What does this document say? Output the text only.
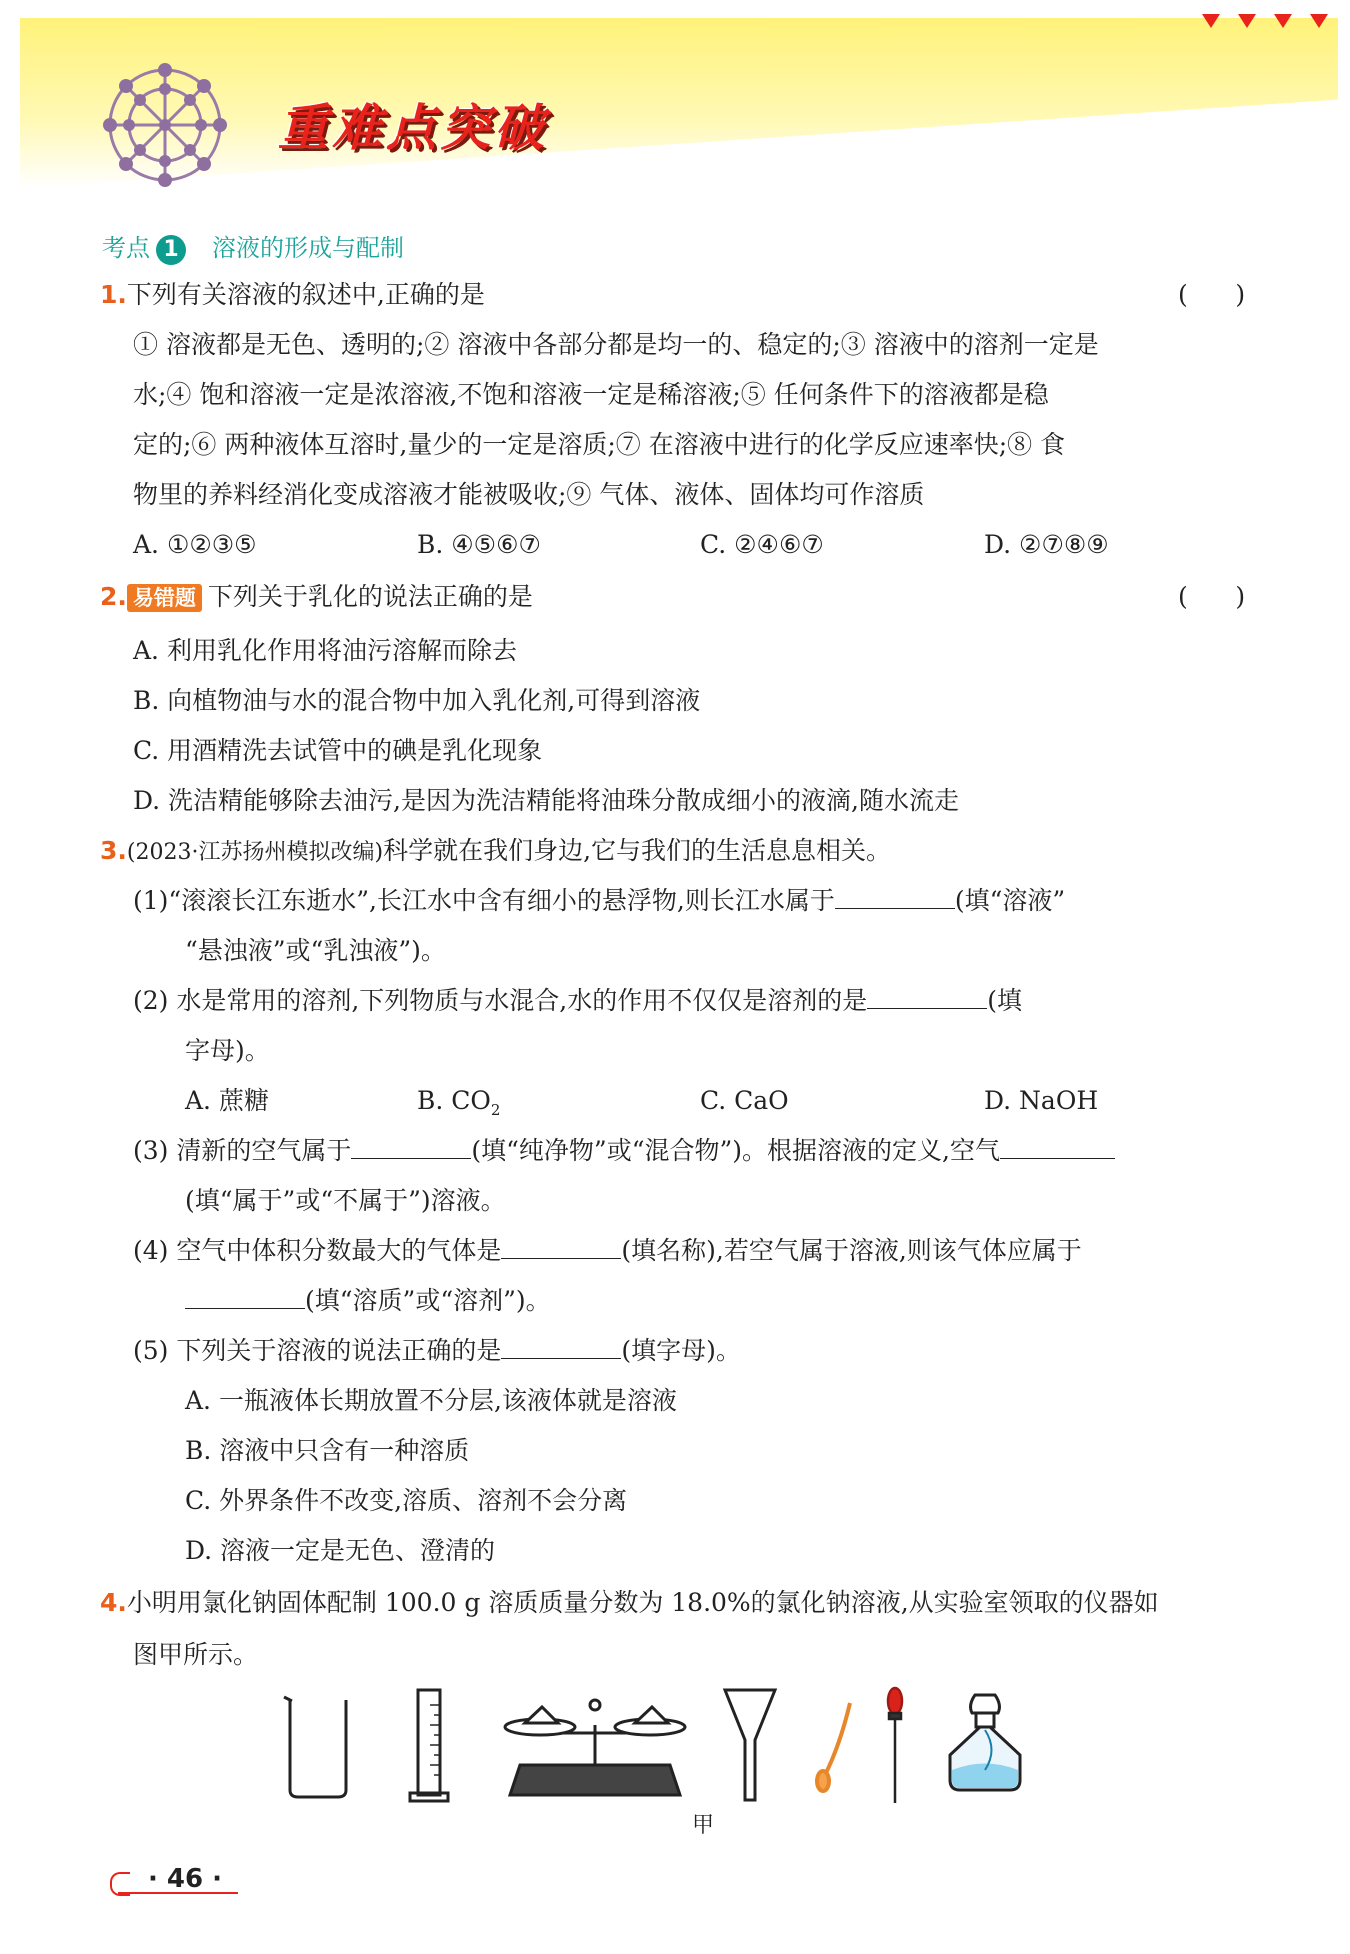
重难点突破
考点 1 溶液的形成与配制
1.下列有关溶液的叙述中,正确的是	(      )
① 溶液都是无色、透明的;② 溶液中各部分都是均一的、稳定的;③ 溶液中的溶剂一定是
水;④ 饱和溶液一定是浓溶液,不饱和溶液一定是稀溶液;⑤ 任何条件下的溶液都是稳
定的;⑥ 两种液体互溶时,量少的一定是溶质;⑦ 在溶液中进行的化学反应速率快;⑧ 食
物里的养料经消化变成溶液才能被吸收;⑨ 气体、液体、固体均可作溶质
A. ①②③⑤	B. ④⑤⑥⑦	C. ②④⑥⑦	D. ②⑦⑧⑨
2. 易错题 下列关于乳化的说法正确的是	(      )
A. 利用乳化作用将油污溶解而除去
B. 向植物油与水的混合物中加入乳化剂,可得到溶液
C. 用酒精洗去试管中的碘是乳化现象
D. 洗洁精能够除去油污,是因为洗洁精能将油珠分散成细小的液滴,随水流走
3.(2023·江苏扬州模拟改编)科学就在我们身边,它与我们的生活息息相关。
(1)“滚滚长江东逝水”,长江水中含有细小的悬浮物,则长江水属于	(填“溶液”
“悬浊液”或“乳浊液”)。
(2) 水是常用的溶剂,下列物质与水混合,水的作用不仅仅是溶剂的是	(填
字母)。
A. 蔗糖	B. $CO_2$	C. CaO	D. NaOH
(3) 清新的空气属于	(填“纯净物”或“混合物”)。根据溶液的定义,空气
(填“属于”或“不属于”)溶液。
(4) 空气中体积分数最大的气体是	(填名称),若空气属于溶液,则该气体应属于
(填“溶质”或“溶剂”)。
(5) 下列关于溶液的说法正确的是	(填字母)。
A. 一瓶液体长期放置不分层,该液体就是溶液
B. 溶液中只含有一种溶质
C. 外界条件不改变,溶质、溶剂不会分离
D. 溶液一定是无色、澄清的
4.小明用氯化钠固体配制 100.0 g 溶质质量分数为 18.0%的氯化钠溶液,从实验室领取的仪器如
图甲所示。
甲
· 46 ·
